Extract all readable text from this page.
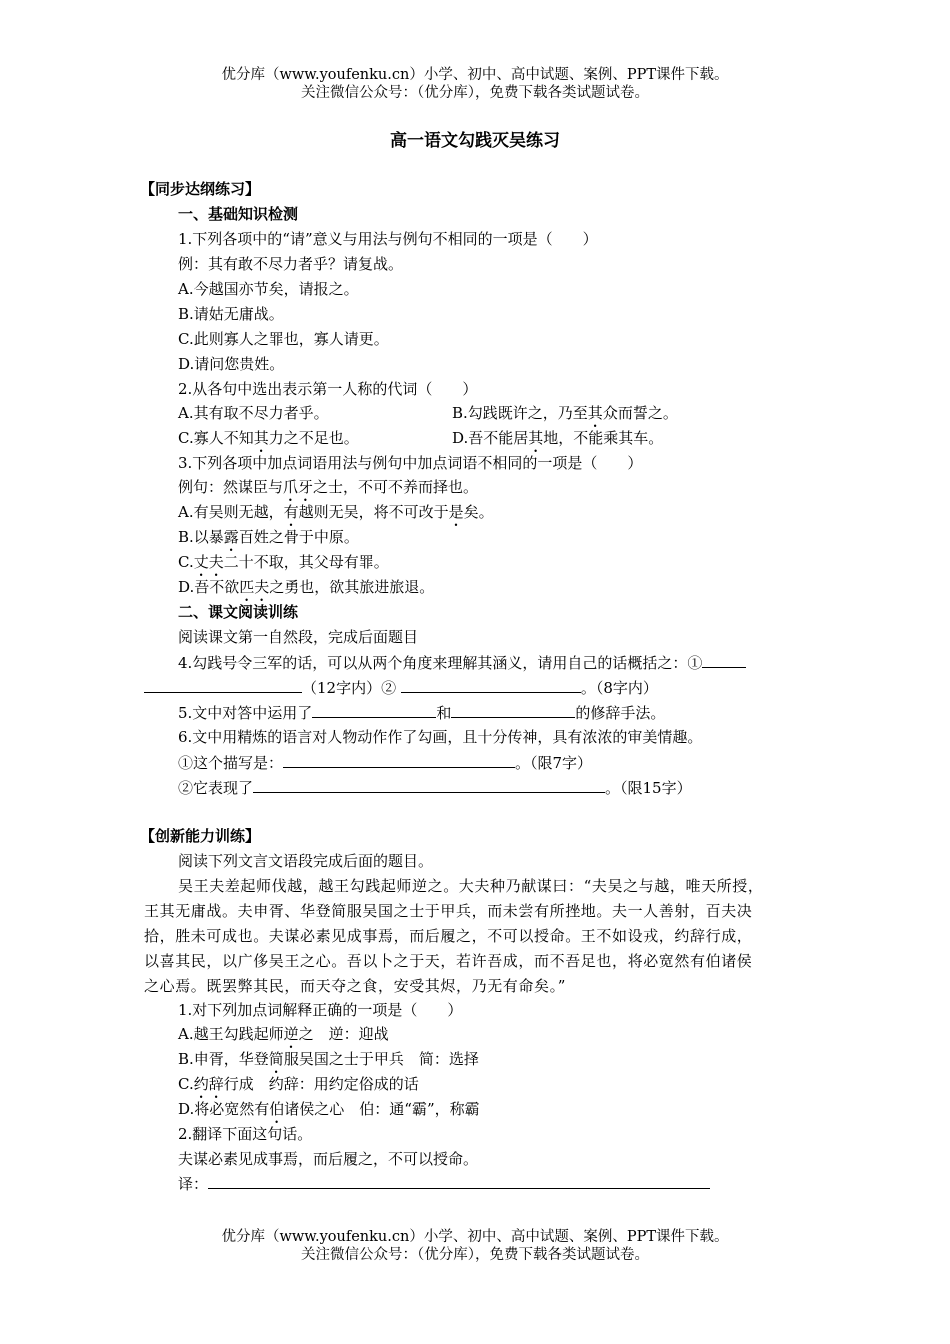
优分库（www.youfenku.cn）小学、初中、高中试题、案例、PPT课件下载。
关注微信公众号：（优分库），免费下载各类试题试卷。
高一语文勾践灭吴练习
【同步达纲练习】
一、基础知识检测
1.下列各项中的“请”意义与用法与例句不相同的一项是（　　）
例：其有敢不尽力者乎？请复战。
A.今越国亦节矣，请报之。
B.请姑无庸战。
C.此则寡人之罪也，寡人请更。
D.请问您贵姓。
2.从各句中选出表示第一人称的代词（　　）
A.其有取不尽力者乎。	B.勾践既许之，乃至其众而誓之。
C.寡人不知其力之不足也。	D.吾不能居其地，不能乘其车。
3.下列各项中加点词语用法与例句中加点词语不相同的一项是（　　）
例句：然谋臣与爪牙之士，不可不养而择也。
A.有吴则无越，有越则无吴，将不可改于是矣。
B.以暴露百姓之骨于中原。
C.丈夫二十不取，其父母有罪。
D.吾不欲匹夫之勇也，欲其旅进旅退。
二、课文阅读训练
阅读课文第一自然段，完成后面题目
4.勾践号令三军的话，可以从两个角度来理解其涵义，请用自己的话概括之：①
（12字内）②	。（8字内）
5.文中对答中运用了	和	的修辞手法。
6.文中用精炼的语言对人物动作作了勾画，且十分传神，具有浓浓的审美情趣。
①这个描写是：	。（限7字）
②它表现了	。（限15字）
【创新能力训练】
阅读下列文言文语段完成后面的题目。
吴王夫差起师伐越，越王勾践起师逆之。大夫种乃献谋曰：“夫吴之与越，唯天所授，
王其无庸战。夫申胥、华登简服吴国之士于甲兵，而未尝有所挫地。夫一人善射，百夫决
拾，胜未可成也。夫谋必素见成事焉，而后履之，不可以授命。王不如设戎，约辞行成，
以喜其民，以广侈吴王之心。吾以卜之于天，若许吾成，而不吾足也，将必宽然有伯诸侯
之心焉。既罢弊其民，而天夺之食，安受其烬，乃无有命矣。”
1.对下列加点词解释正确的一项是（　　）
A.越王勾践起师逆之　逆：迎战
B.申胥，华登简服吴国之士于甲兵　简：选择
C.约辞行成　约辞：用约定俗成的话
D.将必宽然有伯诸侯之心　伯：通“霸”，称霸
2.翻译下面这句话。
夫谋必素见成事焉，而后履之，不可以授命。
译：
优分库（www.youfenku.cn）小学、初中、高中试题、案例、PPT课件下载。
关注微信公众号：（优分库），免费下载各类试题试卷。
